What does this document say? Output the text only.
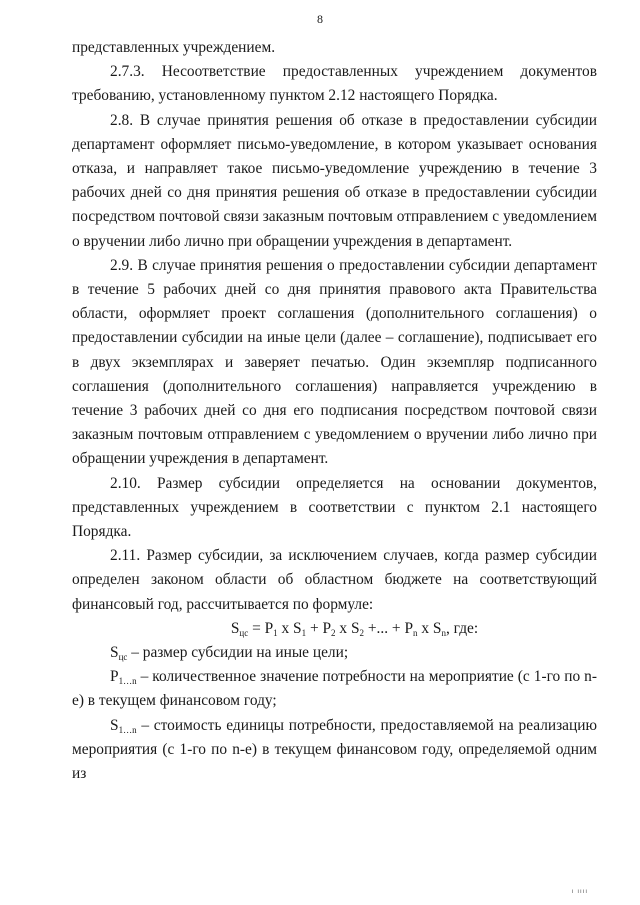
8

представленных учреждением.

2.7.3. Несоответствие предоставленных учреждением документов требованию, установленному пунктом 2.12 настоящего Порядка.

2.8. В случае принятия решения об отказе в предоставлении субсидии департамент оформляет письмо-уведомление, в котором указывает основания отказа, и направляет такое письмо-уведомление учреждению в течение 3 рабочих дней со дня принятия решения об отказе в предоставлении субсидии посредством почтовой связи заказным почтовым отправлением с уведомлением о вручении либо лично при обращении учреждения в департамент.

2.9. В случае принятия решения о предоставлении субсидии департамент в течение 5 рабочих дней со дня принятия правового акта Правительства области, оформляет проект соглашения (дополнительного соглашения) о предоставлении субсидии на иные цели (далее – соглашение), подписывает его в двух экземплярах и заверяет печатью. Один экземпляр подписанного соглашения (дополнительного соглашения) направляется учреждению в течение 3 рабочих дней со дня его подписания посредством почтовой связи заказным почтовым отправлением с уведомлением о вручении либо лично при обращении учреждения в департамент.

2.10. Размер субсидии определяется на основании документов, представленных учреждением в соответствии с пунктом 2.1 настоящего Порядка.

2.11. Размер субсидии, за исключением случаев, когда размер субсидии определен законом области об областном бюджете на соответствующий финансовый год, рассчитывается по формуле:

$S_{цс} = P_1$ x $S_1 + P_2$ x $S_2$ +... + $P_n$ x $S_n$, где:

$S_{цс}$ – размер субсидии на иные цели;

$P_{1\dots n}$ – количественное значение потребности на мероприятие (с 1-го по n-е) в текущем финансовом году;

$S_{1\dots n}$ – стоимость единицы потребности, предоставляемой на реализацию мероприятия (с 1-го по n-е) в текущем финансовом году, определяемой одним из

ı ıııı
